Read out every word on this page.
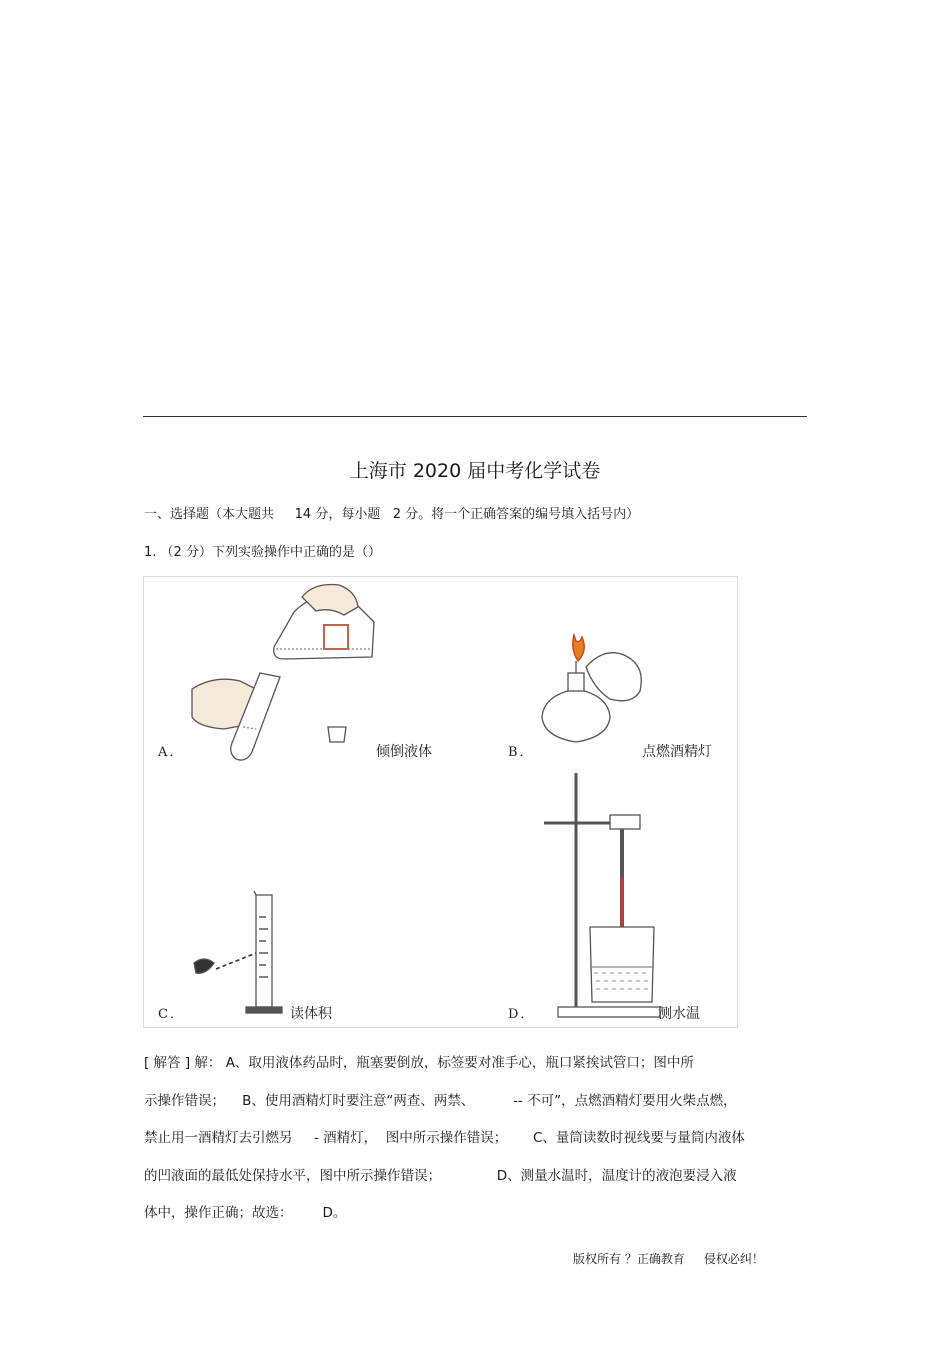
上海市 2020 届中考化学试卷
一、选择题（本大题共     14 分，每小题   2 分。将一个正确答案的编号填入括号内）
1. （2 分）下列实验操作中正确的是（）
A．	倾倒液体	B．	点燃酒精灯
C．	读体积	D．	测水温
[ 解答 ] 解： A、取用液体药品时，瓶塞要倒放，标签要对准手心，瓶口紧挨试管口；图中所
示操作错误；    B、使用酒精灯时要注意“两查、两禁、         -- 不可”，点燃酒精灯要用火柴点燃，
禁止用一酒精灯去引燃另     - 酒精灯，  图中所示操作错误；      C、量筒读数时视线要与量筒内液体
的凹液面的最低处保持水平，图中所示操作错误；             D、测量水温时，温度计的液泡要浸入液
体中，操作正确；故选：       D。
版权所有 ？正确教育     侵权必纠！
